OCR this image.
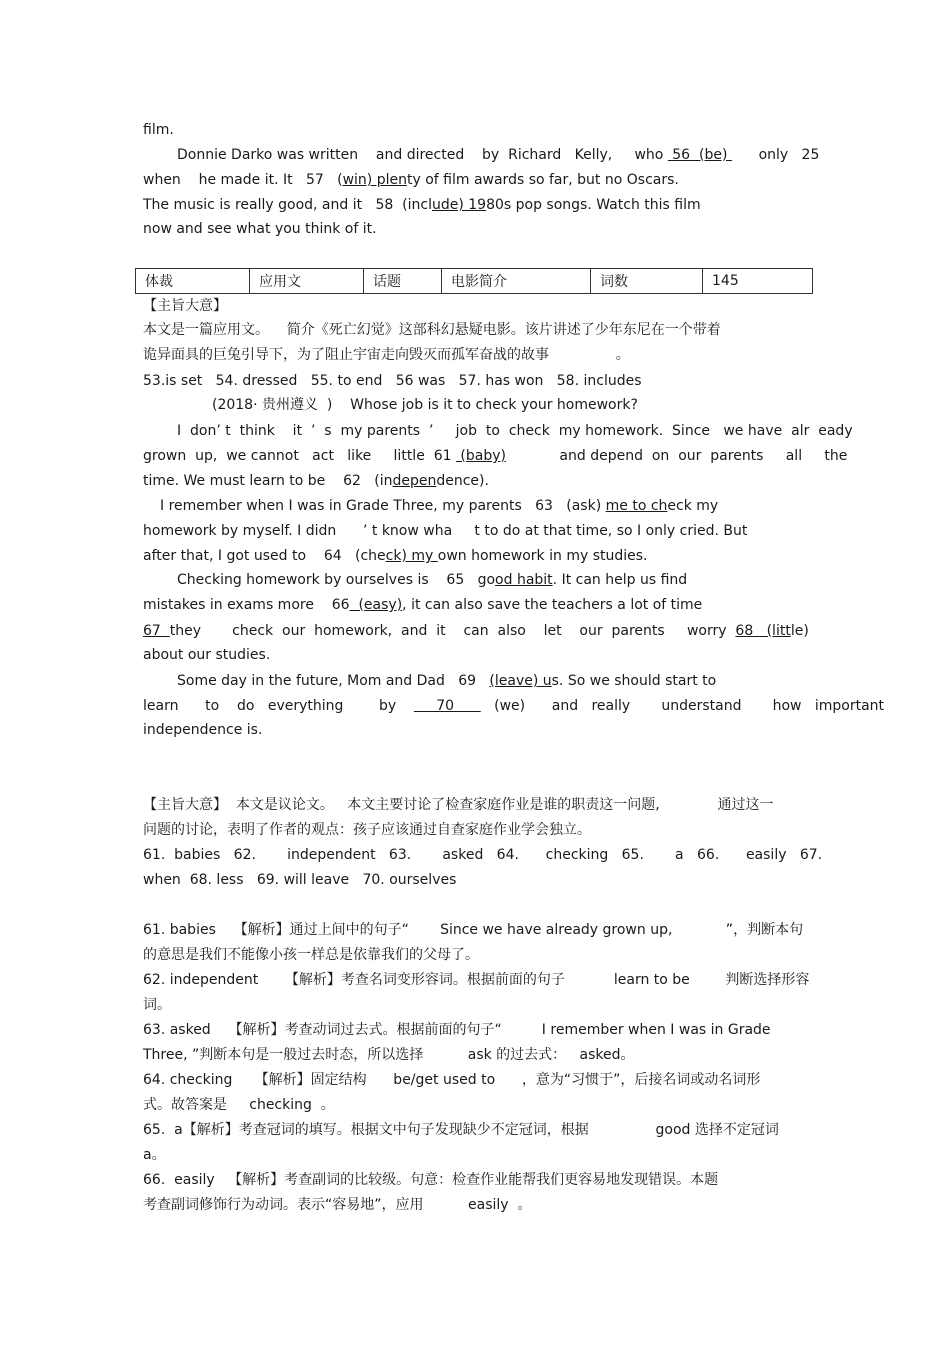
film.
Donnie Darko was written    and directed    by  Richard   Kelly,     who  56  (be)       only   25
when    he made it. It   57   (win) plenty of film awards so far, but no Oscars.
The music is really good, and it   58  (include) 1980s pop songs. Watch this film
now and see what you think of it.
体裁	应用文	话题	电影简介	词数	145
【主旨大意】
本文是一篇应用文。    简介《死亡幻觉》这部科幻悬疑电影。该片讲述了少年东尼在一个带着
诡异面具的巨兔引导下，为了阻止宇宙走向毁灭而孤军奋战的故事               。
53.is set   54. dressed   55. to end   56 was   57. has won   58. includes
(2018· 贵州遵义  )    Whose job is it to check your homework?
I  don’ t  think    it  ’  s  my parents  ’     job  to  check  my homework.  Since   we have  alr  eady
grown  up,  we cannot   act   like     little  61  (baby)            and depend  on  our  parents     all     the
time. We must learn to be    62   (independence).
I remember when I was in Grade Three, my parents   63   (ask) me to check my
homework by myself. I didn      ’ t know wha     t to do at that time, so I only cried. But
after that, I got used to    64   (check) my own homework in my studies.
Checking homework by ourselves is    65   good habit. It can help us find
mistakes in exams more    66  (easy), it can also save the teachers a lot of time
67  they       check  our  homework,  and  it    can  also    let    our  parents     worry  68   (little)
about our studies.
Some day in the future, Mom and Dad   69   (leave) us. So we should start to
learn      to    do   everything        by         70         (we)      and   really       understand       how   important
independence is.
【主旨大意】  本文是议论文。   本文主要讨论了检查家庭作业是谁的职责这一问题,             通过这一
问题的讨论，表明了作者的观点：孩子应该通过自查家庭作业学会独立。
61.  babies   62.       independent   63.       asked   64.      checking   65.       a   66.      easily   67.
when  68. less   69. will leave   70. ourselves
61. babies    【解析】通过上间中的句子“       Since we have already grown up,            ”，判断本句
的意思是我们不能像小孩一样总是依靠我们的父母了。
62. independent      【解析】考查名词变形容词。根据前面的句子           learn to be        判断选择形容
词。
63. asked    【解析】考查动词过去式。根据前面的句子“         I remember when I was in Grade
Three, ”判断本句是一般过去时态，所以选择          ask 的过去式：   asked。
64. checking     【解析】固定结构      be/get used to      ，意为“习惯于”，后接名词或动名词形
式。故答案是     checking  。
65.  a【解析】考查冠词的填写。根据文中句子发现缺少不定冠词，根据               good 选择不定冠词
a。
66.  easily   【解析】考查副词的比较级。句意：检查作业能帮我们更容易地发现错误。本题
考查副词修饰行为动词。表示“容易地”，应用          easily  。
